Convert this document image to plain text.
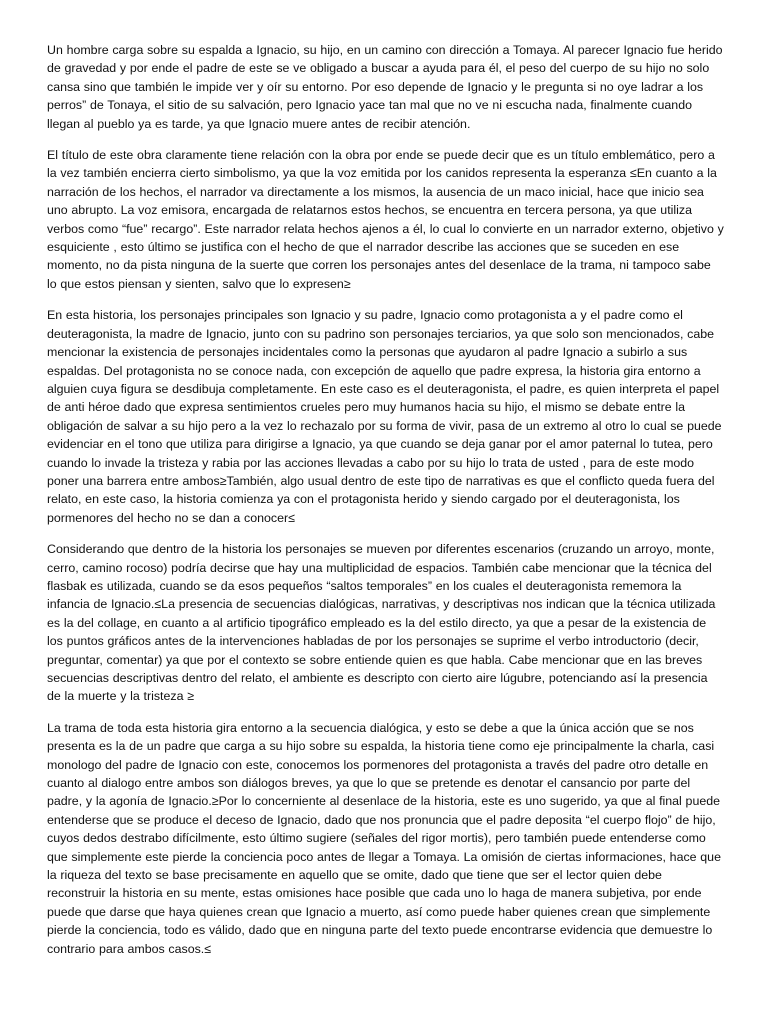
Un hombre carga sobre su espalda a Ignacio, su hijo, en un camino con dirección a Tomaya. Al parecer Ignacio fue herido de gravedad y por ende el padre de este se ve obligado a buscar a ayuda para él, el peso del cuerpo de su hijo no solo cansa sino que también le impide ver y oír su entorno. Por eso depende de Ignacio y le pregunta si no oye ladrar a los perros” de Tonaya, el sitio de su salvación, pero Ignacio yace tan mal que no ve ni escucha nada, finalmente cuando llegan al pueblo ya es tarde, ya que Ignacio muere antes de recibir atención.

El título de este obra claramente tiene relación con la obra por ende se puede decir que es un título emblemático, pero a la vez también encierra cierto simbolismo, ya que la voz emitida por los canidos representa la esperanza ≤En cuanto a la narración de los hechos, el narrador va directamente a los mismos, la ausencia de un maco inicial, hace que inicio sea uno abrupto. La voz emisora, encargada de relatarnos estos hechos, se encuentra en tercera persona, ya que utiliza verbos como “fue” recargo”. Este narrador relata hechos ajenos a él, lo cual lo convierte en un narrador externo, objetivo y esquiciente , esto último se justifica con el hecho de que el narrador describe las acciones que se suceden en ese momento, no da pista ninguna de la suerte que corren los personajes antes del desenlace de la trama, ni tampoco sabe lo que estos piensan y sienten, salvo que lo expresen≥

En esta historia, los personajes principales son Ignacio y su padre, Ignacio como protagonista a y el padre como el deuteragonista, la madre de Ignacio, junto con su padrino son personajes terciarios, ya que solo son mencionados, cabe mencionar la existencia de personajes incidentales como la personas que ayudaron al padre Ignacio a subirlo a sus espaldas. Del protagonista no se conoce nada, con excepción de aquello que padre expresa, la historia gira entorno a alguien cuya figura se desdibuja completamente. En este caso es el deuteragonista, el padre, es quien interpreta el papel de anti héroe dado que expresa sentimientos crueles pero muy humanos hacia su hijo, el mismo se debate entre la obligación de salvar a su hijo pero a la vez lo rechazalo por su forma de vivir, pasa de un extremo al otro lo cual se puede evidenciar en el tono que utiliza para dirigirse a Ignacio, ya que cuando se deja ganar por el amor paternal lo tutea, pero cuando lo invade la tristeza y rabia por las acciones llevadas a cabo por su hijo lo trata de usted , para de este modo poner una barrera entre ambos≥También, algo usual dentro de este tipo de narrativas es que el conflicto queda fuera del relato, en este caso, la historia comienza ya con el protagonista herido y siendo cargado por el deuteragonista, los pormenores del hecho no se dan a conocer≤

Considerando que dentro de la historia los personajes se mueven por diferentes escenarios (cruzando un arroyo, monte, cerro, camino rocoso) podría decirse que hay una multiplicidad de espacios. También cabe mencionar que la técnica del flasbak es utilizada, cuando se da esos pequeños “saltos temporales” en los cuales el deuteragonista rememora la infancia de Ignacio.≤La presencia de secuencias dialógicas, narrativas, y descriptivas nos indican que la técnica utilizada es la del collage, en cuanto a al artificio tipográfico empleado es la del estilo directo, ya que a pesar de la existencia de los puntos gráficos antes de la intervenciones habladas de por los personajes se suprime el verbo introductorio (decir, preguntar, comentar) ya que por el contexto se sobre entiende quien es que habla. Cabe mencionar que en las breves secuencias descriptivas dentro del relato, el ambiente es descripto con cierto aire lúgubre, potenciando así la presencia de la muerte y la tristeza ≥

La trama de toda esta historia gira entorno a la secuencia dialógica, y esto se debe a que la única acción que se nos presenta es la de un padre que carga a su hijo sobre su espalda, la historia tiene como eje principalmente la charla, casi monologo del padre de Ignacio con este, conocemos los pormenores del protagonista a través del padre otro detalle en cuanto al dialogo entre ambos son diálogos breves, ya que lo que se pretende es denotar el cansancio por parte del padre, y la agonía de Ignacio.≥Por lo concerniente al desenlace de la historia, este es uno sugerido, ya que al final puede entenderse que se produce el deceso de Ignacio, dado que nos pronuncia que el padre deposita “el cuerpo flojo” de hijo, cuyos dedos destrabo difícilmente, esto último sugiere (señales del rigor mortis), pero también puede entenderse como que simplemente este pierde la conciencia poco antes de llegar a Tomaya. La omisión de ciertas informaciones, hace que la riqueza del texto se base precisamente en aquello que se omite, dado que tiene que ser el lector quien debe reconstruir la historia en su mente, estas omisiones hace posible que cada uno lo haga de manera subjetiva, por ende puede que darse que haya quienes crean que Ignacio a muerto, así como puede haber quienes crean que simplemente pierde la conciencia, todo es válido, dado que en ninguna parte del texto puede encontrarse evidencia que demuestre lo contrario para ambos casos.≤
